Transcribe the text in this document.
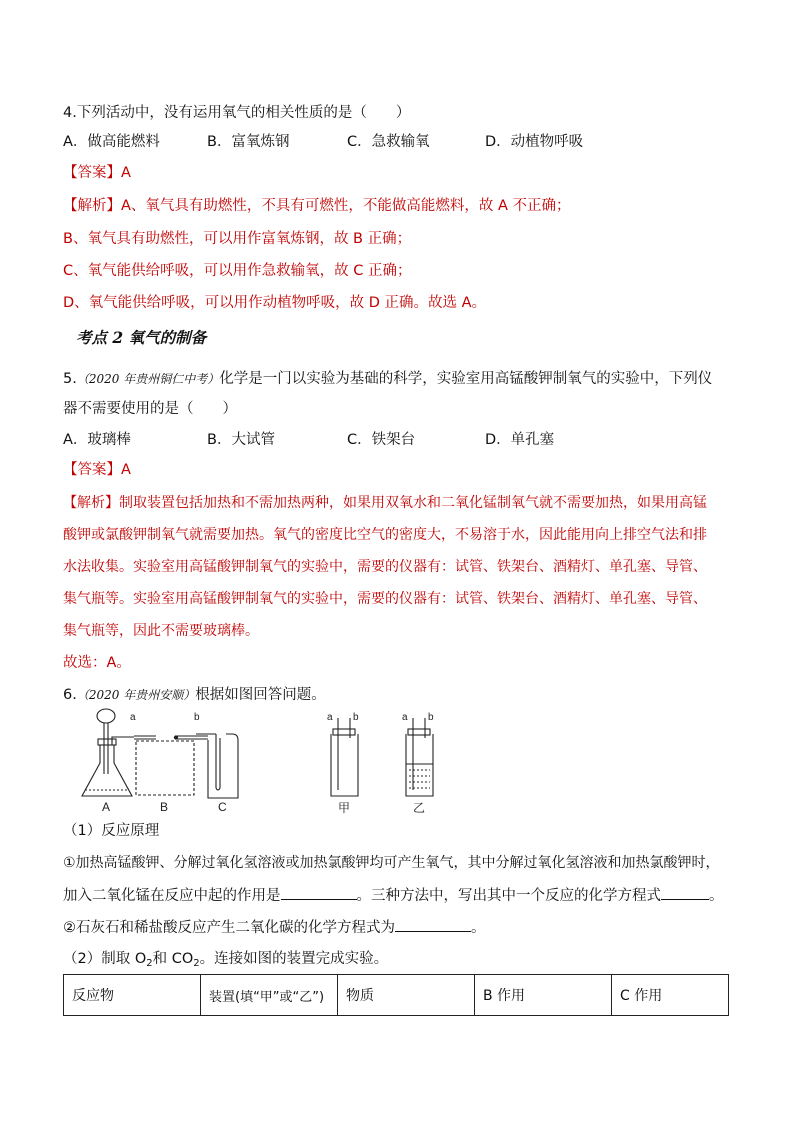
4.下列活动中，没有运用氧气的相关性质的是（　　）
A．做高能燃料	B．富氧炼钢	C．急救输氧	D．动植物呼吸
【答案】A
【解析】A、氧气具有助燃性，不具有可燃性，不能做高能燃料，故 A 不正确；
B、氧气具有助燃性，可以用作富氧炼钢，故 B 正确；
C、氧气能供给呼吸，可以用作急救输氧，故 C 正确；
D、氧气能供给呼吸，可以用作动植物呼吸，故 D 正确。故选 A。
考点 2 氧气的制备
5.（2020 年贵州铜仁中考）化学是一门以实验为基础的科学，实验室用高锰酸钾制氧气的实验中，下列仪
器不需要使用的是（　　）
A．玻璃棒	B．大试管	C．铁架台	D．单孔塞
【答案】A
【解析】制取装置包括加热和不需加热两种，如果用双氧水和二氧化锰制氧气就不需要加热，如果用高锰
酸钾或氯酸钾制氧气就需要加热。氧气的密度比空气的密度大，不易溶于水，因此能用向上排空气法和排
水法收集。实验室用高锰酸钾制氧气的实验中，需要的仪器有：试管、铁架台、酒精灯、单孔塞、导管、
集气瓶等。实验室用高锰酸钾制氧气的实验中，需要的仪器有：试管、铁架台、酒精灯、单孔塞、导管、
集气瓶等，因此不需要玻璃棒。
故选：A。
6.（2020 年贵州安顺）根据如图回答问题。
a	b	a b	a b
A	B	C	甲	乙
（1）反应原理
①加热高锰酸钾、分解过氧化氢溶液或加热氯酸钾均可产生氧气，其中分解过氧化氢溶液和加热氯酸钾时，
加入二氧化锰在反应中起的作用是	。三种方法中，写出其中一个反应的化学方程式	。
②石灰石和稀盐酸反应产生二氧化碳的化学方程式为	。
（2）制取 $O_2$和 $CO_2$。连接如图的装置完成实验。
反应物	装置(填“甲”或“乙”)	物质	B 作用	C 作用
